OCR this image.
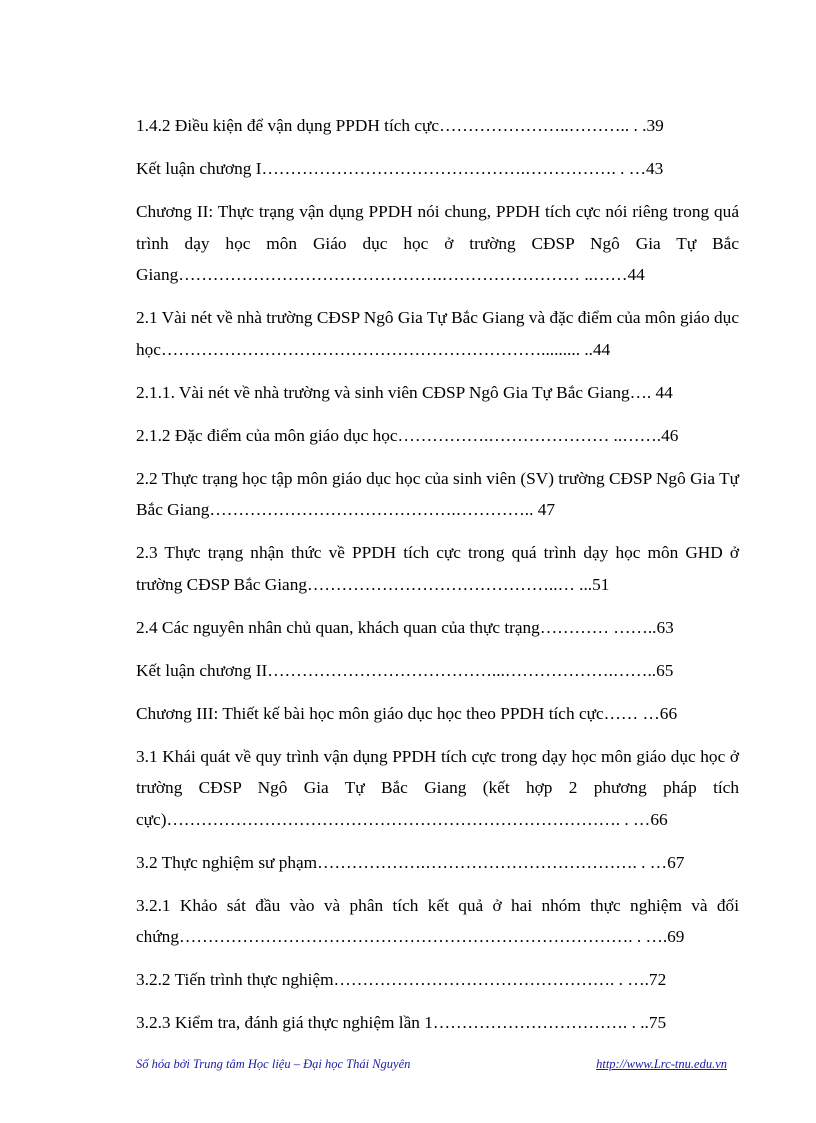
1.4.2 Điều kiện để vận dụng PPDH tích cực…………………..……….. . .39

Kết luận chương I……………………………………….……………. . …43

Chương II: Thực trạng vận dụng PPDH nói chung, PPDH tích cực nói riêng trong quá trình dạy học môn Giáo dục học ở trường CĐSP Ngô Gia Tự Bắc Giang……………………………………….…………………… ..……44

2.1 Vài nét về nhà trường CĐSP Ngô Gia Tự Bắc Giang và đặc điểm của môn giáo dục học…………………………………………………………......... ..44

2.1.1. Vài nét về nhà trường và sinh viên CĐSP Ngô Gia Tự Bắc Giang…. 44

2.1.2 Đặc điểm của môn giáo dục học…………….………………… ..…….46

2.2 Thực trạng học tập môn giáo dục học của sinh viên (SV) trường CĐSP Ngô Gia Tự Bắc Giang…………………………………….………….. 47

2.3 Thực trạng nhận thức về PPDH tích cực trong quá trình dạy học môn GHD ở trường CĐSP Bắc Giang……………………………………..… ...51

2.4 Các nguyên nhân chủ quan, khách quan của thực trạng………… ……..63

Kết luận chương II…………………………………...……………….……..65

Chương III: Thiết kế bài học môn giáo dục học theo PPDH tích cực…… …66

3.1 Khái quát về quy trình vận dụng PPDH tích cực trong dạy học môn giáo dục học ở trường CĐSP Ngô Gia Tự Bắc Giang (kết hợp 2 phương pháp tích cực)……………………………………………………………………. . …66

3.2 Thực nghiệm sư phạm……………….………………………………. . …67

3.2.1 Khảo sát đầu vào và phân tích kết quả ở hai nhóm thực nghiệm và đối chứng……………………………………………………………………. . ….69

3.2.2 Tiến trình thực nghiệm…………………………………………. . ….72

3.2.3 Kiểm tra, đánh giá thực nghiệm lần 1……………………………. . ..75

Số hóa bởi Trung tâm Học liệu – Đại học Thái Nguyên	http://www.Lrc-tnu.edu.vn
